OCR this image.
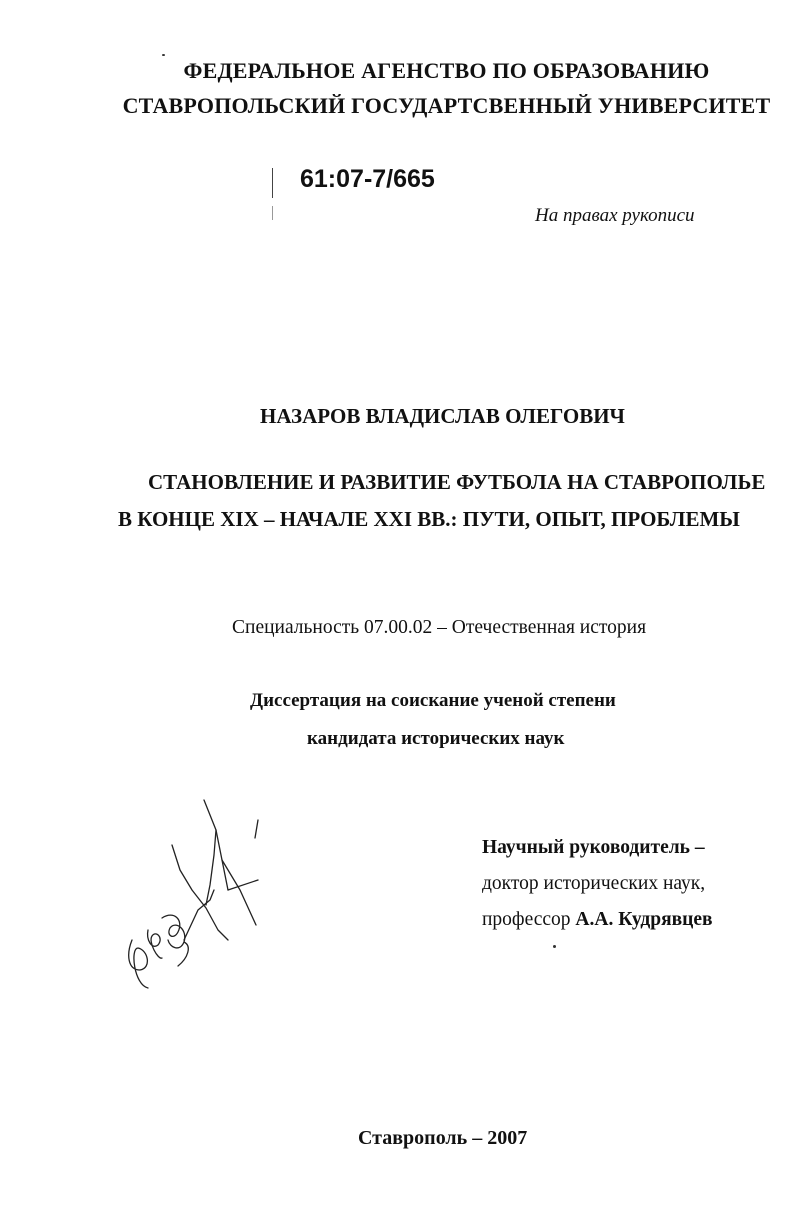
ФЕДЕРАЛЬНОЕ АГЕНСТВО ПО ОБРАЗОВАНИЮ
СТАВРОПОЛЬСКИЙ ГОСУДАРТСВЕННЫЙ УНИВЕРСИТЕТ
61:07-7/665
На правах рукописи
НАЗАРОВ ВЛАДИСЛАВ ОЛЕГОВИЧ
СТАНОВЛЕНИЕ И РАЗВИТИЕ ФУТБОЛА НА СТАВРОПОЛЬЕ
В КОНЦЕ XIX – НАЧАЛЕ XXI ВВ.: ПУТИ, ОПЫТ, ПРОБЛЕМЫ
Специальность 07.00.02 – Отечественная история
Диссертация на соискание ученой степени
кандидата исторических наук
Научный руководитель –
доктор исторических наук,
профессор А.А. Кудрявцев
Ставрополь – 2007
